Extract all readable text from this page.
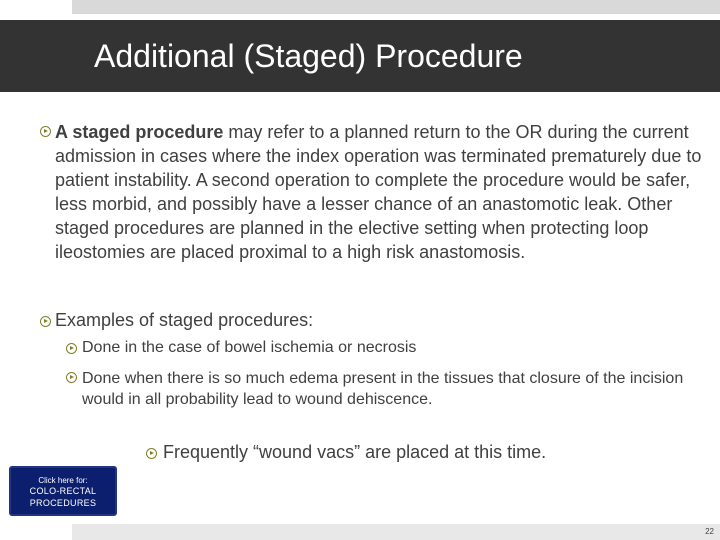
Additional (Staged) Procedure

A staged procedure may refer to a planned return to the OR during the current admission in cases where the index operation was terminated prematurely due to patient instability. A second operation to complete the procedure would be safer, less morbid, and possibly have a lesser chance of an anastomotic leak. Other staged procedures are planned in the elective setting when protecting loop ileostomies are placed proximal to a high risk anastomosis.

Examples of staged procedures:
Done in the case of bowel ischemia or necrosis
Done when there is so much edema present in the tissues that closure of the incision would in all probability lead to wound dehiscence.
Frequently “wound vacs” are placed at this time.
Click here for:
COLO-RECTAL
PROCEDURES
22
